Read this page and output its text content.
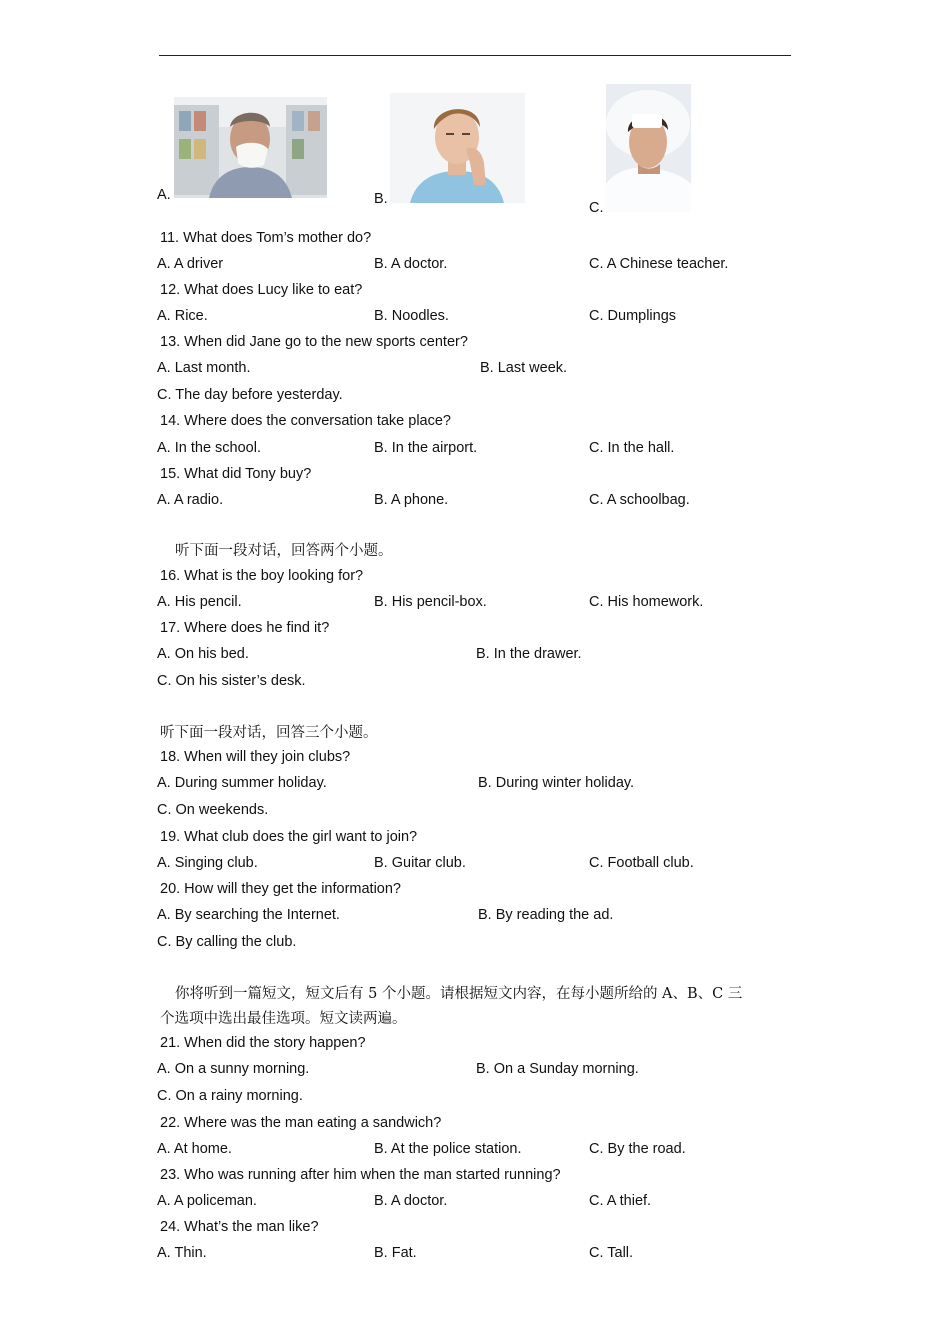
A.	B.
C.
11. What does Tom’s mother do?
A. A driver	B. A doctor.	C. A Chinese teacher.
12. What does Lucy like to eat?
A. Rice.	B. Noodles.	C. Dumplings
13. When did Jane go to the new sports center?
A. Last month.	B. Last week.
C. The day before yesterday.
14. Where does the conversation take place?
A. In the school.	B. In the airport.	C. In the hall.
15. What did Tony buy?
A. A radio.	B. A phone.	C. A schoolbag.
听下面一段对话，回答两个小题。
16. What is the boy looking for?
A. His pencil.	B. His pencil-box.	C. His homework.
17. Where does he find it?
A. On his bed.	B. In the drawer.
C. On his sister’s desk.
听下面一段对话，回答三个小题。
18. When will they join clubs?
A. During summer holiday.	B. During winter holiday.
C. On weekends.
19. What club does the girl want to join?
A. Singing club.	B. Guitar club.	C. Football club.
20. How will they get the information?
A. By searching the Internet.	B. By reading the ad.
C. By calling the club.
你将听到一篇短文，短文后有 5 个小题。请根据短文内容，在每小题所给的 A、B、C 三
个选项中选出最佳选项。短文读两遍。
21. When did the story happen?
A. On a sunny morning.	B. On a Sunday morning.
C. On a rainy morning.
22. Where was the man eating a sandwich?
A. At home.	B. At the police station.	C. By the road.
23. Who was running after him when the man started running?
A. A policeman.	B. A doctor.	C. A thief.
24. What’s the man like?
A. Thin.	B. Fat.	C. Tall.
